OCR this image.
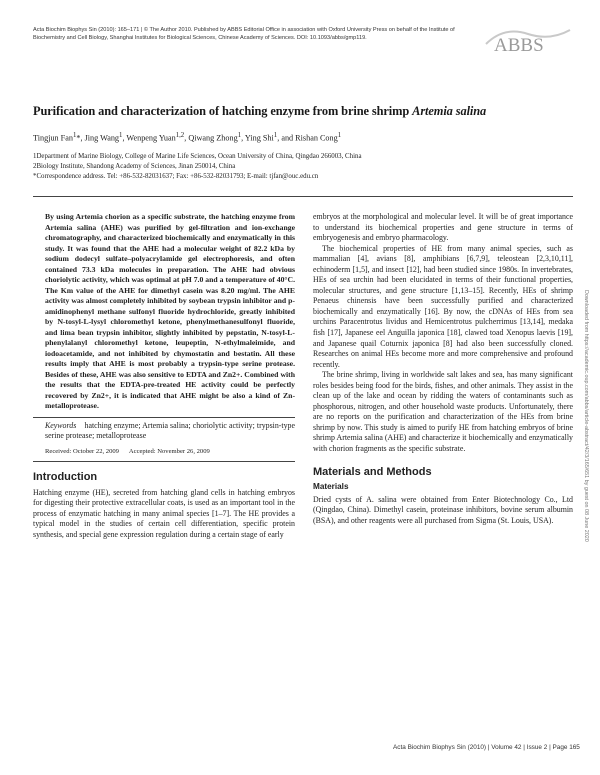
Acta Biochim Biophys Sin (2010): 165–171 | © The Author 2010. Published by ABBS Editorial Office in association with Oxford University Press on behalf of the Institute of Biochemistry and Cell Biology, Shanghai Institutes for Biological Sciences, Chinese Academy of Sciences. DOI: 10.1093/abbs/gmp119.	ABBS
Purification and characterization of hatching enzyme from brine shrimp Artemia salina
Tingjun Fan$^1$*, Jing Wang$^1$, Wenpeng Yuan$^{1,2}$, Qiwang Zhong$^1$, Ying Shi$^1$, and Rishan Cong$^1$
1Department of Marine Biology, College of Marine Life Sciences, Ocean University of China, Qingdao 266003, China
2Biology Institute, Shandong Academy of Sciences, Jinan 250014, China
*Correspondence address. Tel: +86-532-82031637; Fax: +86-532-82031793; E-mail: tjfan@ouc.edu.cn

By using Artemia chorion as a specific substrate, the hatching enzyme from Artemia salina (AHE) was purified by gel-filtration and ion-exchange chromatography, and characterized biochemically and enzymatically in this study. It was found that the AHE had a molecular weight of 82.2 kDa by sodium dodecyl sulfate–polyacrylamide gel electrophoresis, and often contained 73.3 kDa molecules in preparation. The AHE had obvious choriolytic activity, which was optimal at pH 7.0 and a temperature of 40°C. The Km value of the AHE for dimethyl casein was 8.20 mg/ml. The AHE activity was almost completely inhibited by soybean trypsin inhibitor and p-amidinophenyl methane sulfonyl fluoride hydrochloride, greatly inhibited by N-tosyl-L-lysyl chloromethyl ketone, phenylmethanesulfonyl fluoride, and lima bean trypsin inhibitor, slightly inhibited by pepstatin, N-tosyl-L-phenylalanyl chloromethyl ketone, leupeptin, N-ethylmaleimide, and iodoacetamide, and not inhibited by chymostatin and bestatin. All these results imply that AHE is most probably a trypsin-type serine protease. Besides of these, AHE was also sensitive to EDTA and Zn2+. Combined with the results that the EDTA-pre-treated HE activity could be perfectly recovered by Zn2+, it is indicated that AHE might be also a kind of Zn-metalloprotease.

Keywords hatching enzyme; Artemia salina; choriolytic activity; trypsin-type serine protease; metalloprotease

Received: October 22, 2009 Accepted: November 26, 2009

Introduction

Hatching enzyme (HE), secreted from hatching gland cells in hatching embryos for digesting their protective extracellular coats, is used as an important tool in the process of enzymatic hatching in many animal species [1–7]. The HE provides a typical model in the studies of certain cell differentiation, specific protein synthesis, and special gene expression regulation during a certain stage of early

embryos at the morphological and molecular level. It will be of great importance to understand its biochemical properties and gene structure in terms of embryogenesis and embryo pharmacology.

The biochemical properties of HE from many animal species, such as mammalian [4], avians [8], amphibians [6,7,9], teleostean [2,3,10,11], echinoderm [1,5], and insect [12], had been studied since 1980s. In invertebrates, HEs of sea urchin had been elucidated in terms of their functional properties, molecular structures, and gene structure [1,13–15]. Recently, HEs of shrimp Penaeus chinensis have been successfully purified and characterized biochemically and enzymatically [16]. By now, the cDNAs of HEs from sea urchins Paracentrotus lividus and Hemicentrotus pulcherrimus [13,14], medaka fish [17], Japanese eel Anguilla japonica [18], clawed toad Xenopus laevis [19], and Japanese quail Coturnix japonica [8] had also been successfully cloned. Researches on animal HEs become more and more comprehensive and profound recently.

The brine shrimp, living in worldwide salt lakes and sea, has many significant roles besides being food for the birds, fishes, and other animals. They assist in the clean up of the lake and ocean by ridding the waters of contaminants such as phosphorous, nitrogen, and other household waste products. Unfortunately, there are no reports on the purification and characterization of the HEs from brine shrimp by now. This study is aimed to purify HE from hatching embryos of brine shrimp Artemia salina (AHE) and characterize it biochemically and enzymatically with chorion fragments as the specific substrate.

Materials and Methods

Materials

Dried cysts of A. salina were obtained from Enter Biotechnology Co., Ltd (Qingdao, China). Dimethyl casein, proteinase inhibitors, bovine serum albumin (BSA), and other reagents were all purchased from Sigma (St. Louis, USA).	Downloaded from https://academic.oup.com/abbs/article-abstract/42/3/165/651 by guest on 08 June 2020
Acta Biochim Biophys Sin (2010) | Volume 42 | Issue 2 | Page 165
